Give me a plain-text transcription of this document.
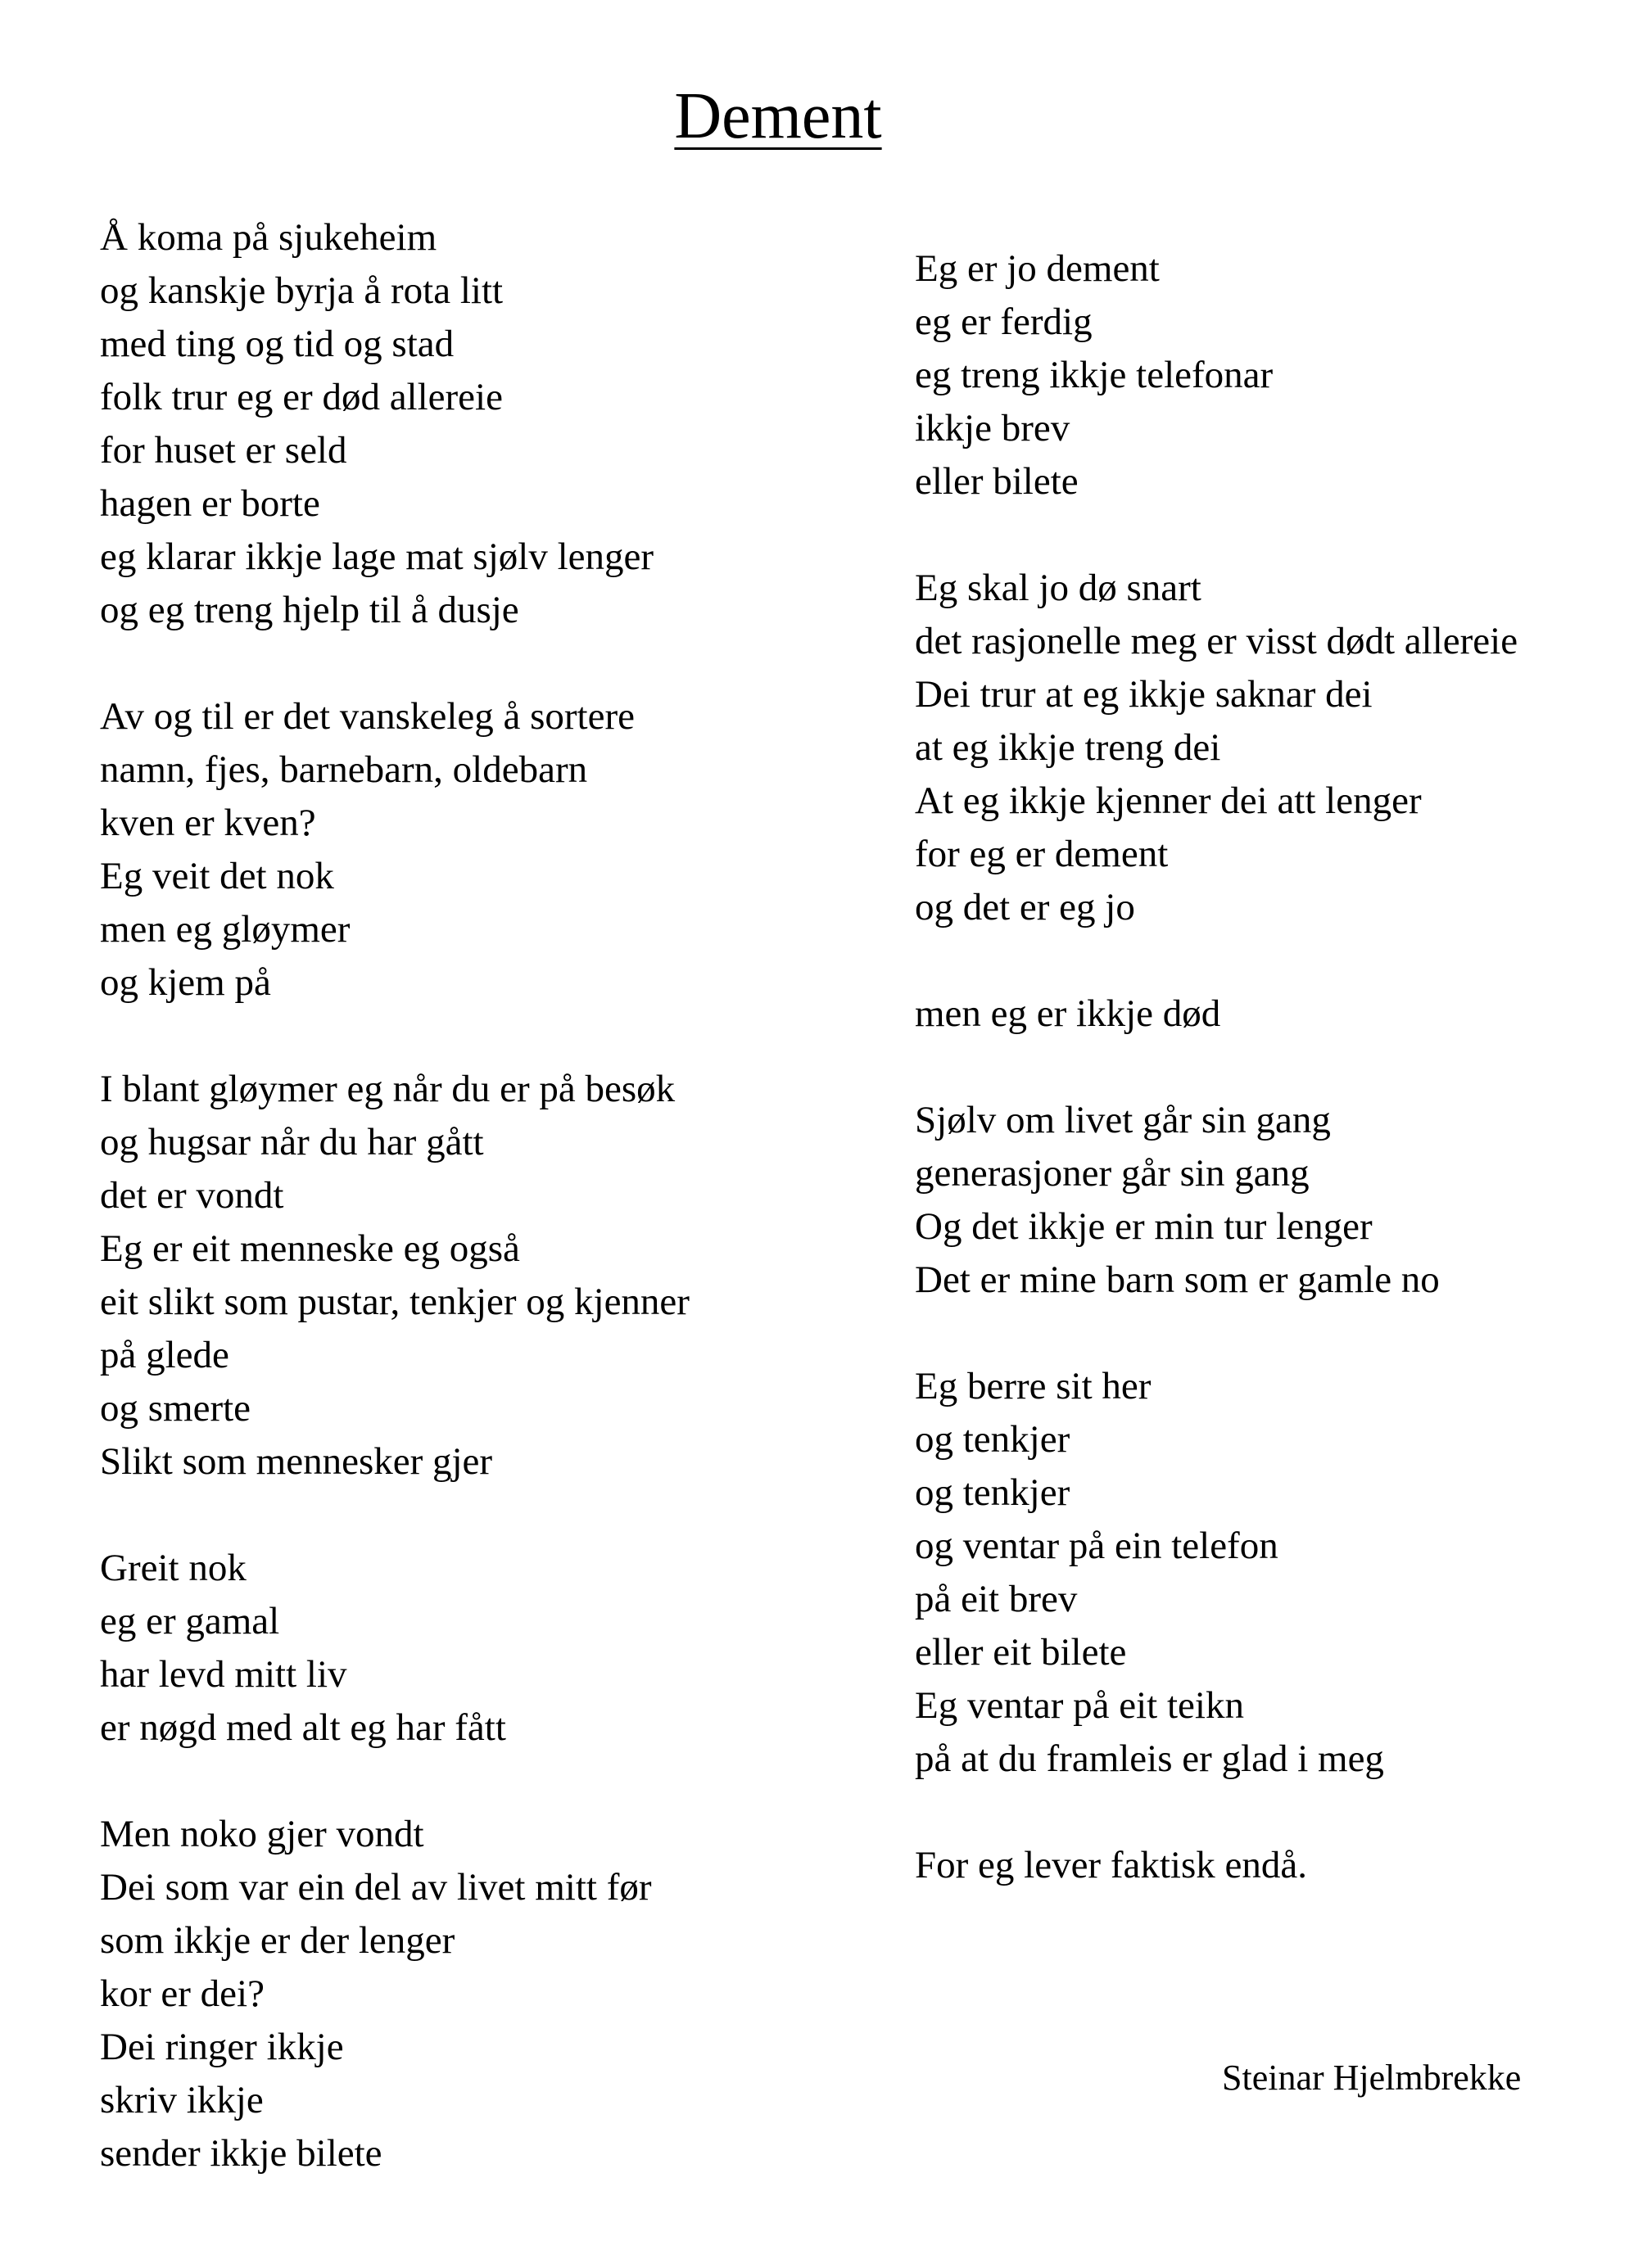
Dement
Å koma på sjukeheim
og kanskje byrja å rota litt
med ting og tid og stad
folk trur eg er død allereie
for huset er seld
hagen er borte
eg klarar ikkje lage mat sjølv lenger
og eg treng hjelp til å dusje
Av og til er det vanskeleg å sortere
namn, fjes, barnebarn, oldebarn
kven er kven?
Eg veit det nok
men eg gløymer
og kjem på
I blant gløymer eg når du er på besøk
og hugsar når du har gått
det er vondt
Eg er eit menneske eg også
eit slikt som pustar, tenkjer og kjenner
på glede
og smerte
Slikt som mennesker gjer
Greit nok
eg er gamal
har levd mitt liv
er nøgd med alt eg har fått
Men noko gjer vondt
Dei som var ein del av livet mitt før
som ikkje er der lenger
kor er dei?
Dei ringer ikkje
skriv ikkje
sender ikkje bilete
Eg er jo dement
eg er ferdig
eg treng ikkje telefonar
ikkje brev
eller bilete
Eg skal jo dø snart
det rasjonelle meg er visst dødt allereie
Dei trur at eg ikkje saknar dei
at eg ikkje treng dei
At eg ikkje kjenner dei att lenger
for eg er dement
og det er eg jo
men eg er ikkje død
Sjølv om livet går sin gang
generasjoner går sin gang
Og det ikkje er min tur lenger
Det er mine barn som er gamle no
Eg berre sit her
og tenkjer
og tenkjer
og ventar på ein telefon
på eit brev
eller eit bilete
Eg ventar på eit teikn
på at du framleis er glad i meg
For eg lever faktisk endå.
Steinar Hjelmbrekke
